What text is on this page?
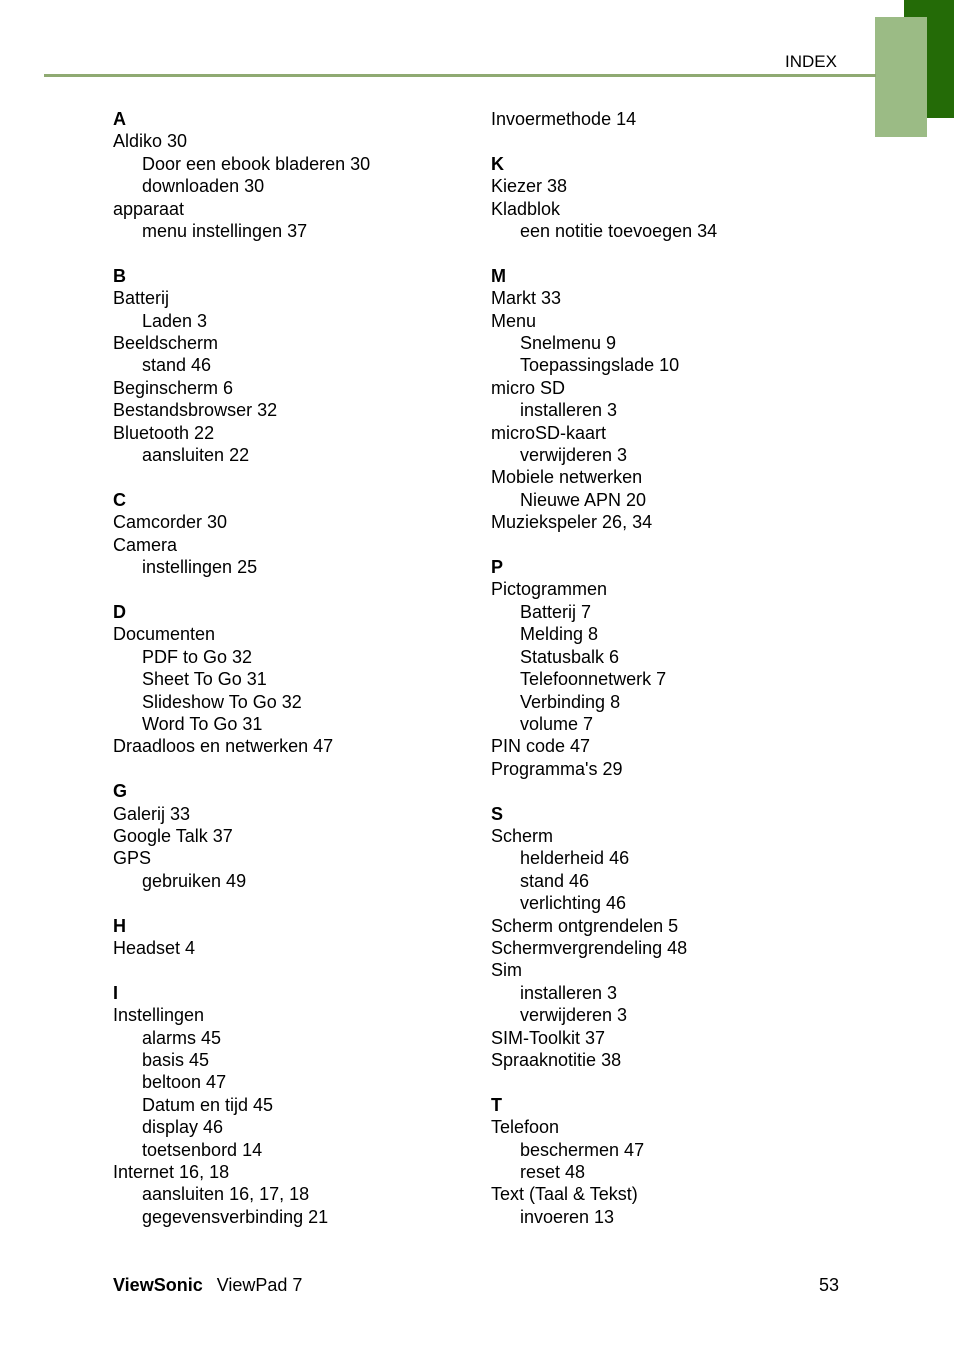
INDEX
A
Aldiko 30
Door een ebook bladeren 30
downloaden 30
apparaat
menu instellingen 37
B
Batterij
Laden 3
Beeldscherm
stand 46
Beginscherm 6
Bestandsbrowser 32
Bluetooth 22
aansluiten 22
C
Camcorder 30
Camera
instellingen 25
D
Documenten
PDF to Go 32
Sheet To Go 31
Slideshow To Go 32
Word To Go 31
Draadloos en netwerken 47
G
Galerij 33
Google Talk 37
GPS
gebruiken 49
H
Headset 4
I
Instellingen
alarms 45
basis 45
beltoon 47
Datum en tijd 45
display 46
toetsenbord 14
Internet 16, 18
aansluiten 16, 17, 18
gegevensverbinding 21
Invoermethode 14
K
Kiezer 38
Kladblok
een notitie toevoegen 34
M
Markt 33
Menu
Snelmenu 9
Toepassingslade 10
micro SD
installeren 3
microSD-kaart
verwijderen 3
Mobiele netwerken
Nieuwe APN 20
Muziekspeler 26, 34
P
Pictogrammen
Batterij 7
Melding 8
Statusbalk 6
Telefoonnetwerk 7
Verbinding 8
volume 7
PIN code 47
Programma's 29
S
Scherm
helderheid 46
stand 46
verlichting 46
Scherm ontgrendelen 5
Schermvergrendeling 48
Sim
installeren 3
verwijderen 3
SIM-Toolkit 37
Spraaknotitie 38
T
Telefoon
beschermen 47
reset 48
Text (Taal & Tekst)
invoeren 13
ViewSonic ViewPad 7	53
